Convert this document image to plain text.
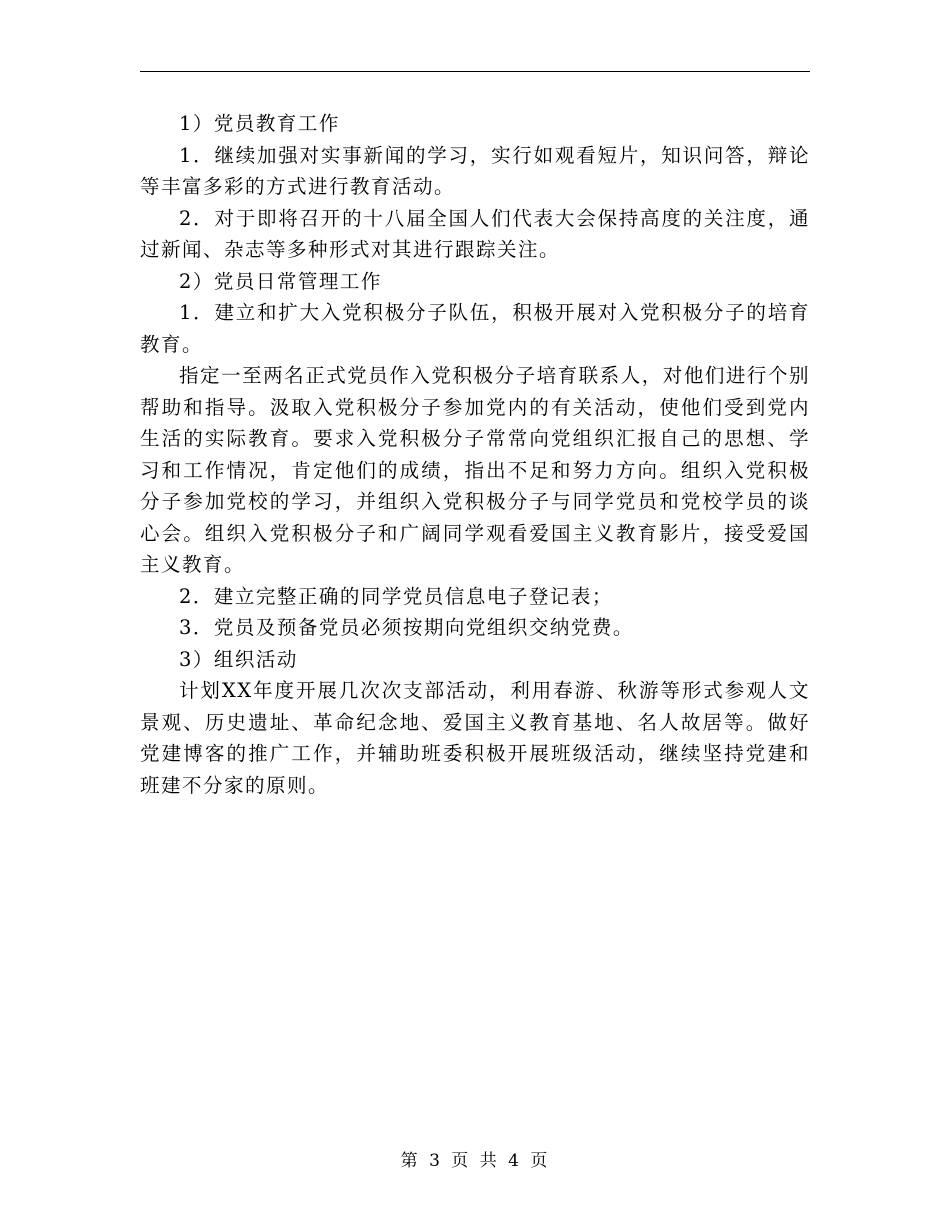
1）党员教育工作

1．继续加强对实事新闻的学习，实行如观看短片，知识问答，辩论等丰富多彩的方式进行教育活动。

2．对于即将召开的十八届全国人们代表大会保持高度的关注度，通过新闻、杂志等多种形式对其进行跟踪关注。

2）党员日常管理工作

1．建立和扩大入党积极分子队伍，积极开展对入党积极分子的培育教育。

指定一至两名正式党员作入党积极分子培育联系人，对他们进行个别帮助和指导。汲取入党积极分子参加党内的有关活动，使他们受到党内生活的实际教育。要求入党积极分子常常向党组织汇报自己的思想、学习和工作情况，肯定他们的成绩，指出不足和努力方向。组织入党积极分子参加党校的学习，并组织入党积极分子与同学党员和党校学员的谈心会。组织入党积极分子和广阔同学观看爱国主义教育影片，接受爱国主义教育。

2．建立完整正确的同学党员信息电子登记表；

3．党员及预备党员必须按期向党组织交纳党费。

3）组织活动

计划XX年度开展几次次支部活动，利用春游、秋游等形式参观人文景观、历史遗址、革命纪念地、爱国主义教育基地、名人故居等。做好党建博客的推广工作，并辅助班委积极开展班级活动，继续坚持党建和班建不分家的原则。

第 3 页 共 4 页
